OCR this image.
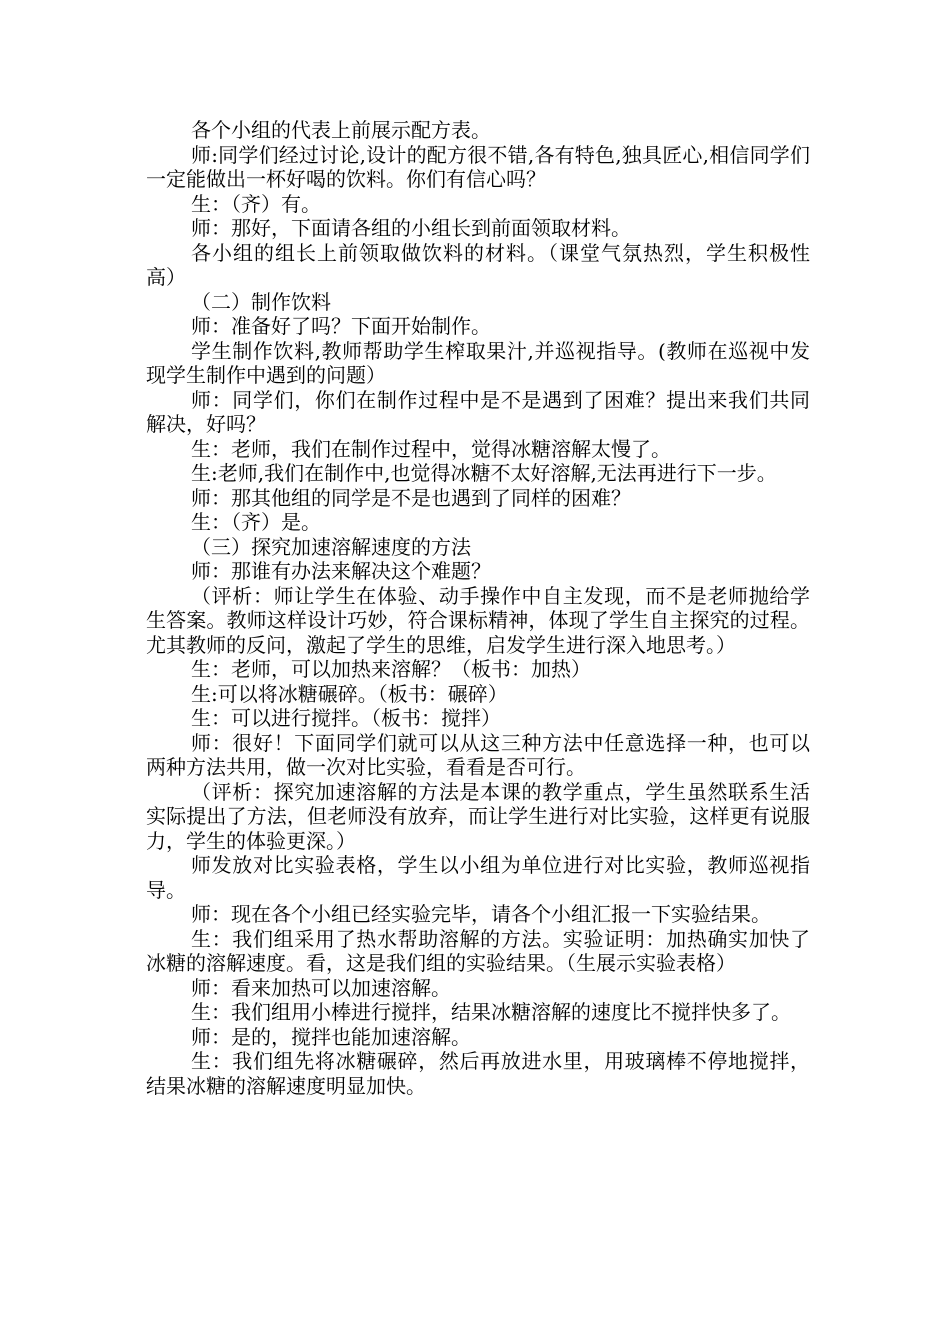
各个小组的代表上前展示配方表。

师:同学们经过讨论,设计的配方很不错,各有特色,独具匠心,相信同学们一定能做出一杯好喝的饮料。你们有信心吗？

生：（齐）有。

师：那好，下面请各组的小组长到前面领取材料。

各小组的组长上前领取做饮料的材料。（课堂气氛热烈，学生积极性高）

（二）制作饮料

师：准备好了吗？下面开始制作。

学生制作饮料,教师帮助学生榨取果汁,并巡视指导。(教师在巡视中发现学生制作中遇到的问题）

师：同学们，你们在制作过程中是不是遇到了困难？提出来我们共同解决，好吗？

生：老师，我们在制作过程中，觉得冰糖溶解太慢了。

生:老师,我们在制作中,也觉得冰糖不太好溶解,无法再进行下一步。

师：那其他组的同学是不是也遇到了同样的困难？

生：（齐）是。

（三）探究加速溶解速度的方法

师：那谁有办法来解决这个难题？

（评析：师让学生在体验、动手操作中自主发现，而不是老师抛给学生答案。教师这样设计巧妙，符合课标精神，体现了学生自主探究的过程。尤其教师的反问，激起了学生的思维，启发学生进行深入地思考。）

生：老师，可以加热来溶解？（板书：加热）

生:可以将冰糖碾碎。（板书：碾碎）

生：可以进行搅拌。（板书：搅拌）

师：很好！下面同学们就可以从这三种方法中任意选择一种，也可以两种方法共用，做一次对比实验，看看是否可行。

（评析：探究加速溶解的方法是本课的教学重点，学生虽然联系生活实际提出了方法，但老师没有放弃，而让学生进行对比实验，这样更有说服力，学生的体验更深。）

师发放对比实验表格，学生以小组为单位进行对比实验，教师巡视指导。

师：现在各个小组已经实验完毕，请各个小组汇报一下实验结果。

生：我们组采用了热水帮助溶解的方法。实验证明：加热确实加快了冰糖的溶解速度。看，这是我们组的实验结果。（生展示实验表格）

师：看来加热可以加速溶解。

生：我们组用小棒进行搅拌，结果冰糖溶解的速度比不搅拌快多了。

师：是的，搅拌也能加速溶解。

生：我们组先将冰糖碾碎，然后再放进水里，用玻璃棒不停地搅拌，结果冰糖的溶解速度明显加快。
